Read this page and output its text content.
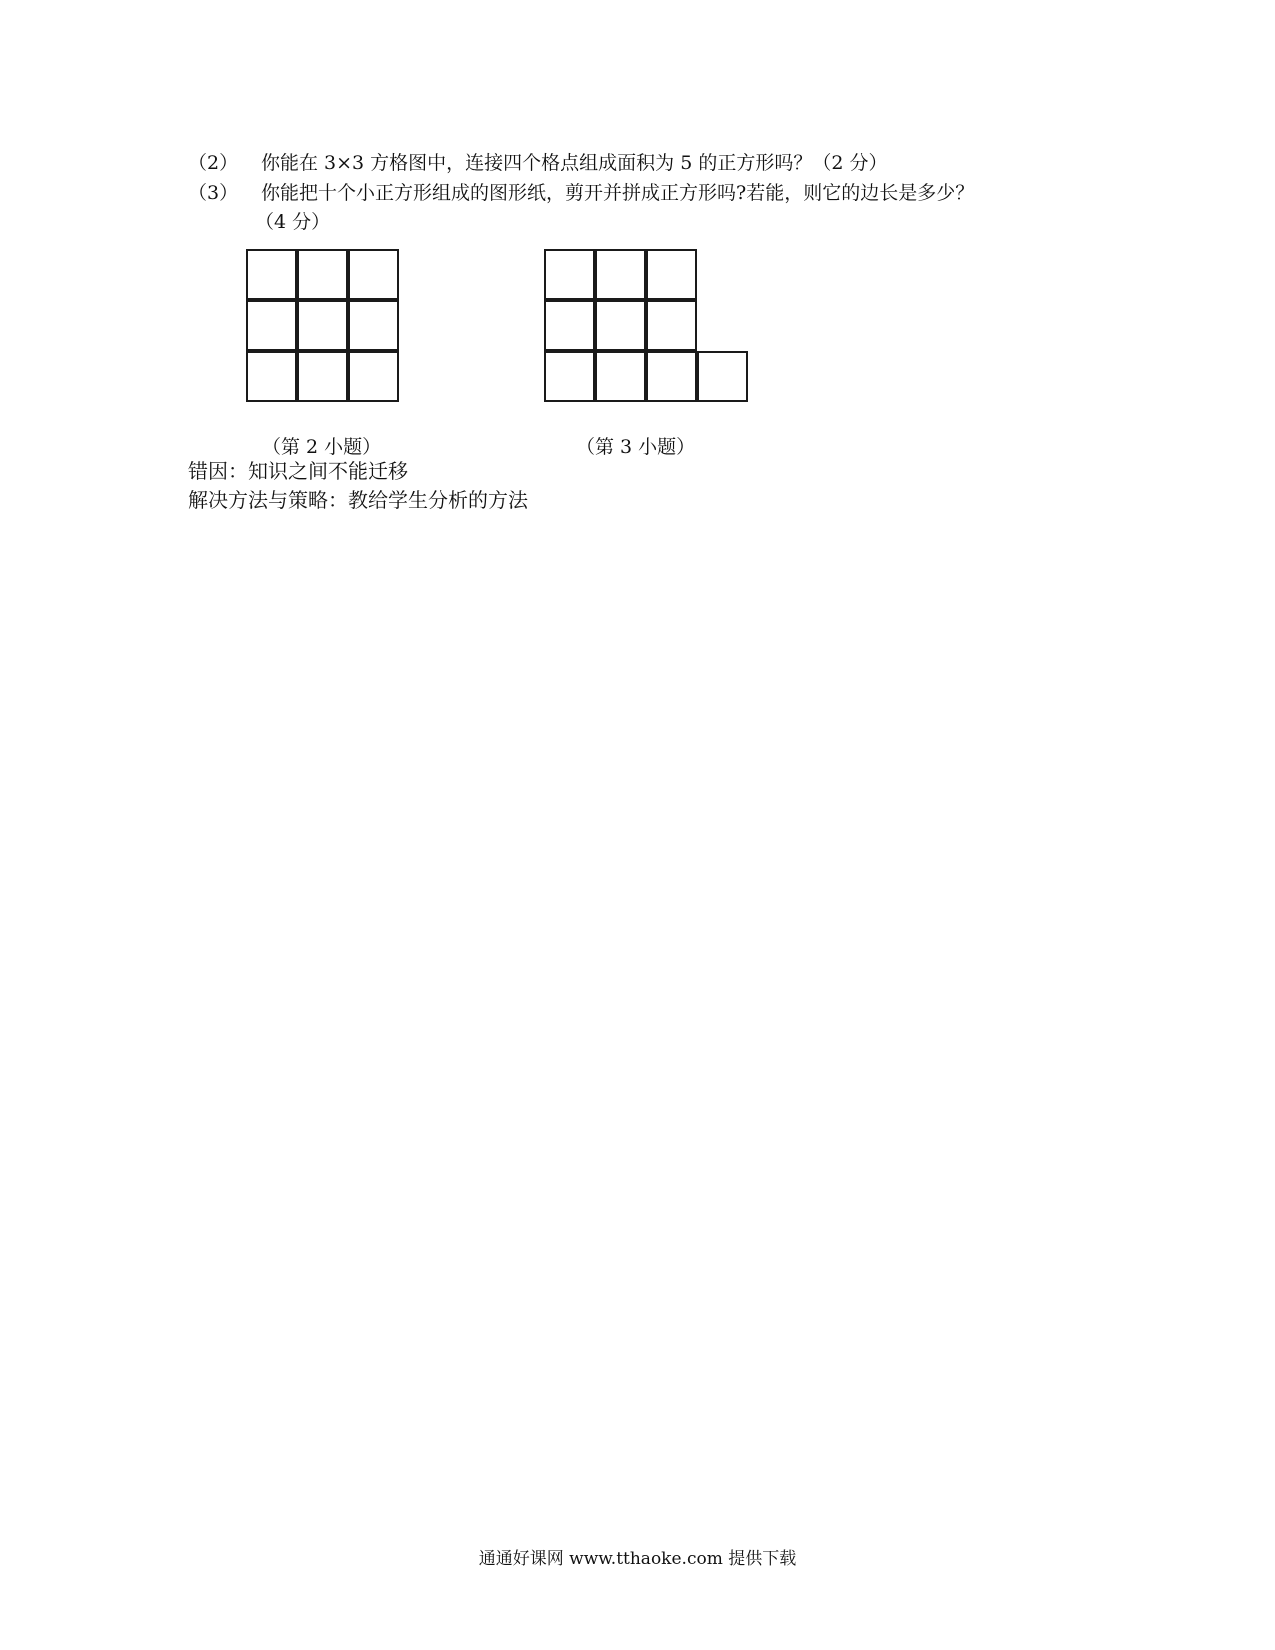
（2） 你能在 3×3 方格图中，连接四个格点组成面积为 5 的正方形吗？（2 分）
（3） 你能把十个小正方形组成的图形纸，剪开并拼成正方形吗?若能，则它的边长是多少？
（4 分）
（第 2 小题）	（第 3 小题）
错因：知识之间不能迁移
解决方法与策略：教给学生分析的方法
通通好课网 www.tthaoke.com 提供下载
